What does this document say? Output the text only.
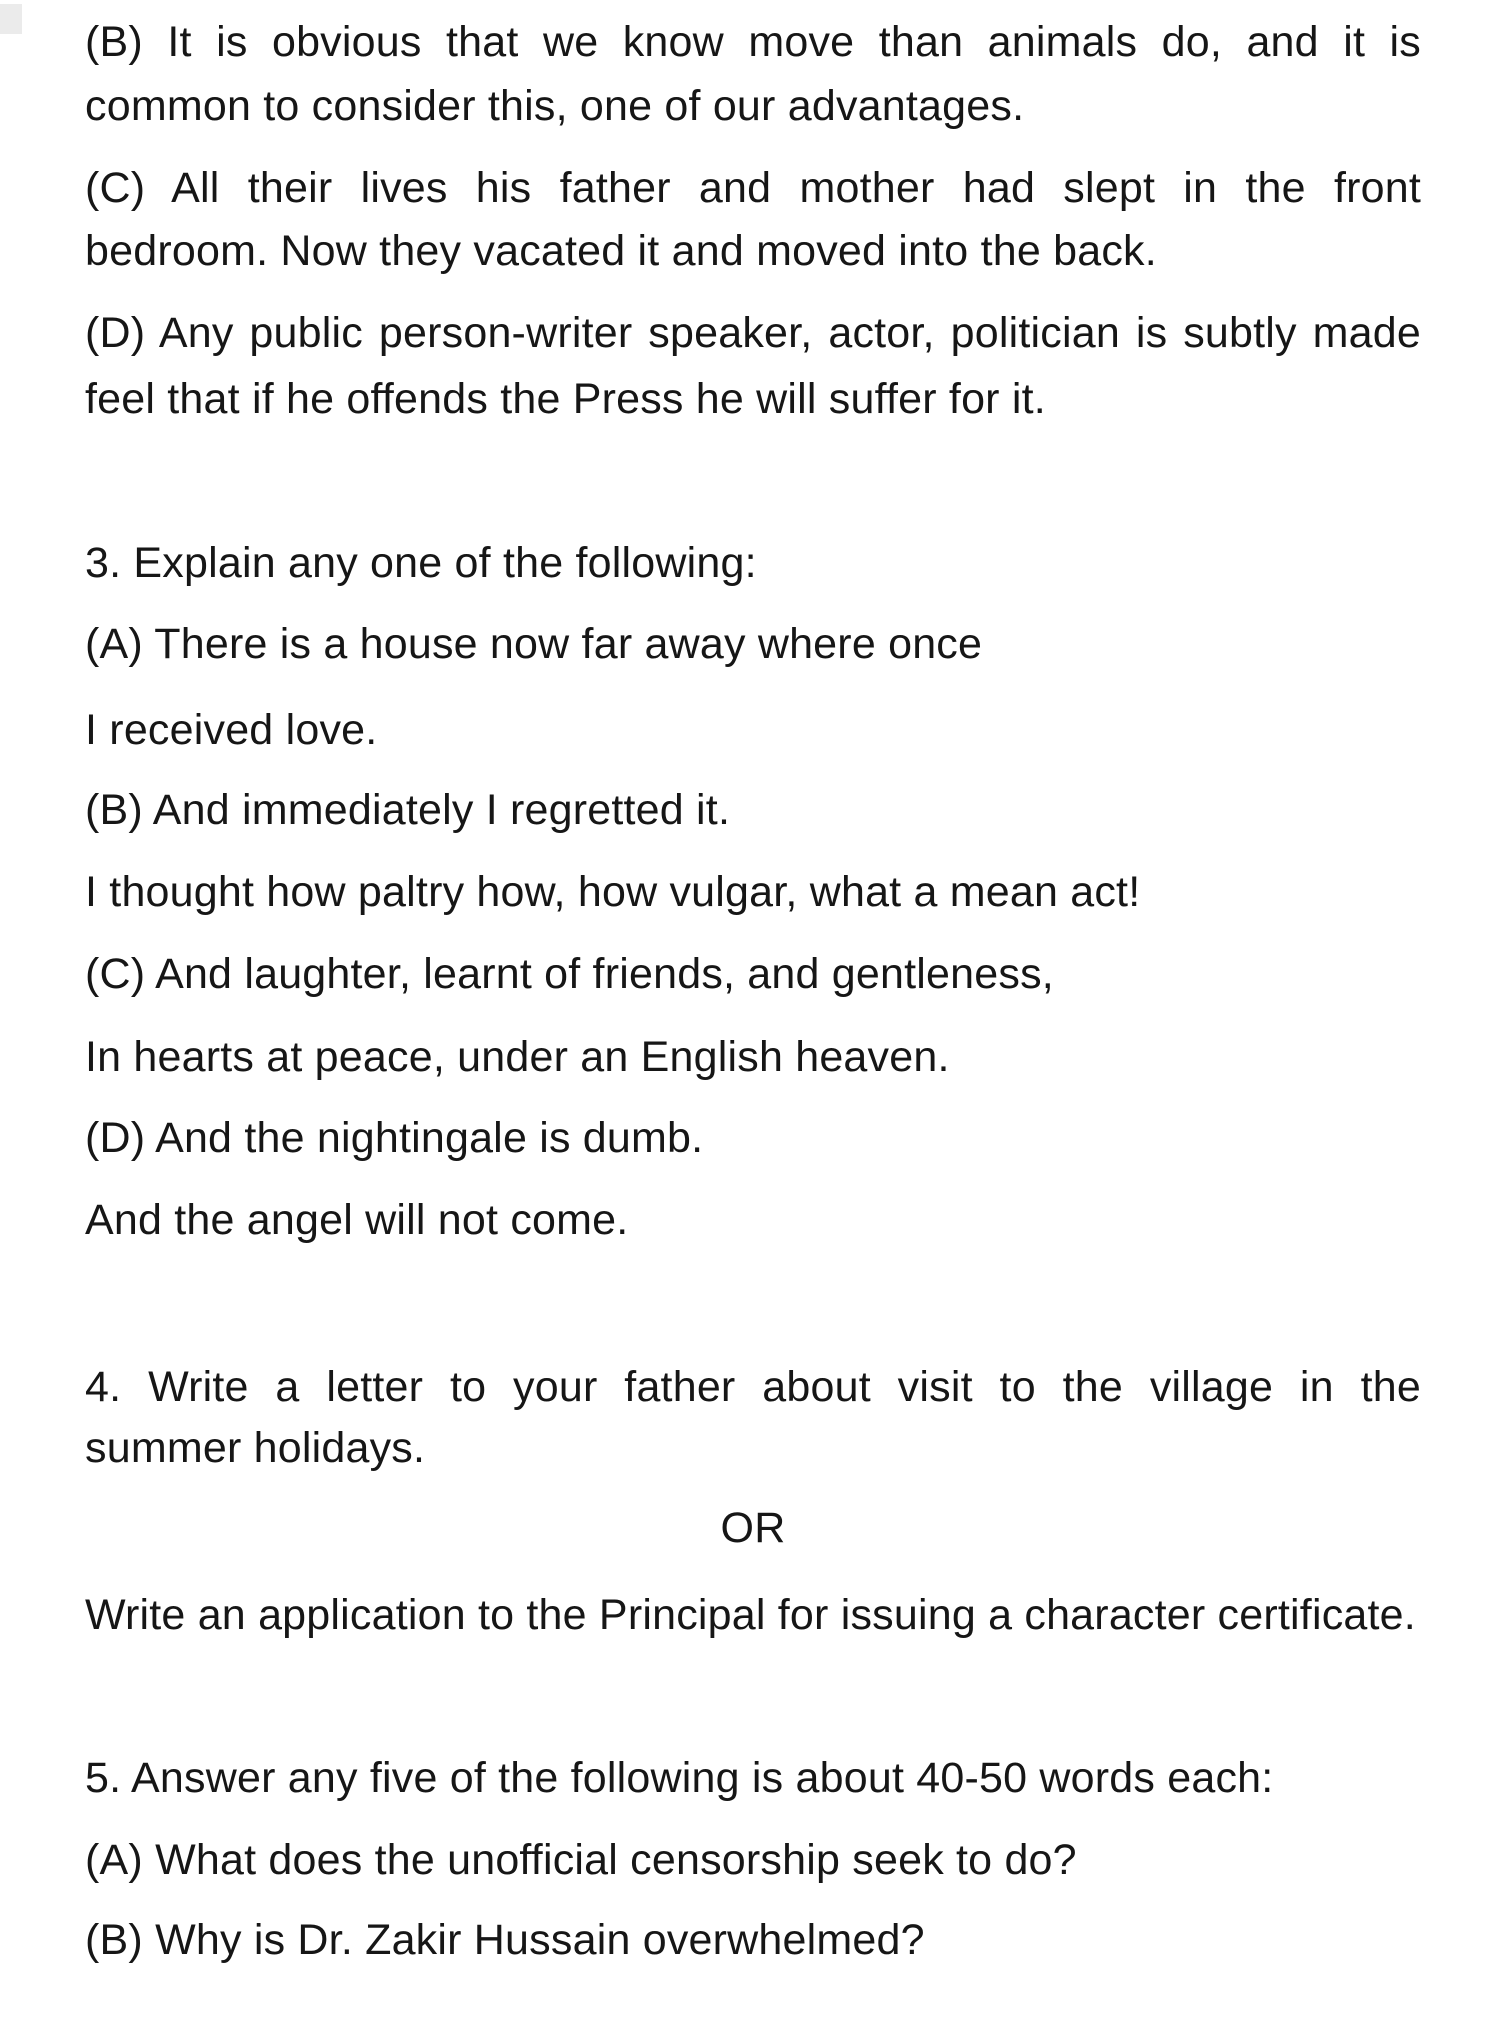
(B) It is obvious that we know move than animals do, and it is
common to consider this, one of our advantages.
(C) All their lives his father and mother had slept in the front
bedroom. Now they vacated it and moved into the back.
(D) Any public person-writer speaker, actor, politician is subtly made
feel that if he offends the Press he will suffer for it.
3. Explain any one of the following:
(A) There is a house now far away where once
I received love.
(B) And immediately I regretted it.
I thought how paltry how, how vulgar, what a mean act!
(C) And laughter, learnt of friends, and gentleness,
In hearts at peace, under an English heaven.
(D) And the nightingale is dumb.
And the angel will not come.
4. Write a letter to your father about visit to the village in the
summer holidays.
OR
Write an application to the Principal for issuing a character certificate.
5. Answer any five of the following is about 40-50 words each:
(A) What does the unofficial censorship seek to do?
(B) Why is Dr. Zakir Hussain overwhelmed?
